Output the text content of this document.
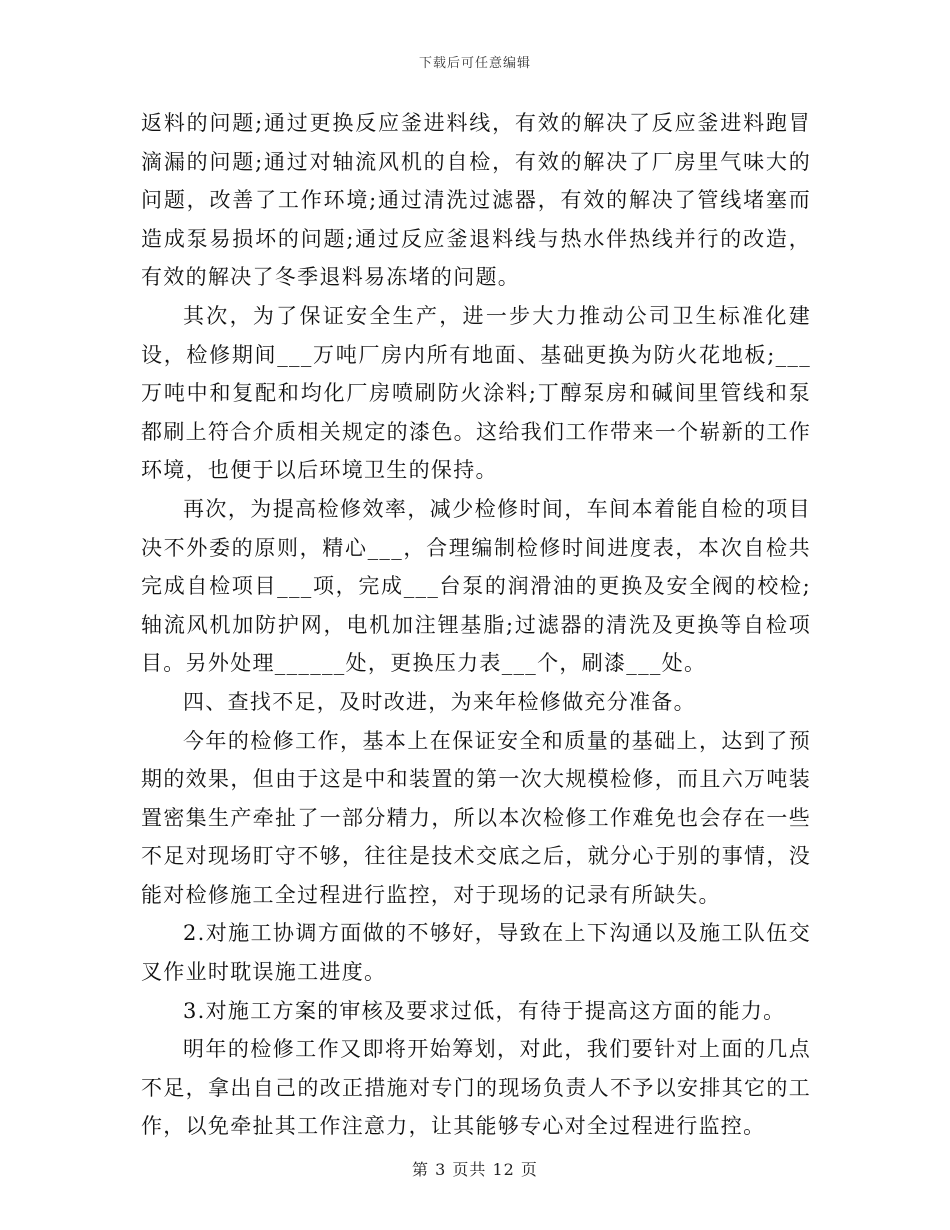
下载后可任意编辑

返料的问题;通过更换反应釜进料线，有效的解决了反应釜进料跑冒滴漏的问题;通过对轴流风机的自检，有效的解决了厂房里气味大的问题，改善了工作环境;通过清洗过滤器，有效的解决了管线堵塞而造成泵易损坏的问题;通过反应釜退料线与热水伴热线并行的改造，有效的解决了冬季退料易冻堵的问题。

其次，为了保证安全生产，进一步大力推动公司卫生标准化建设，检修期间___万吨厂房内所有地面、基础更换为防火花地板;___万吨中和复配和均化厂房喷刷防火涂料;丁醇泵房和碱间里管线和泵都刷上符合介质相关规定的漆色。这给我们工作带来一个崭新的工作环境，也便于以后环境卫生的保持。

再次，为提高检修效率，减少检修时间，车间本着能自检的项目决不外委的原则，精心___，合理编制检修时间进度表，本次自检共完成自检项目___项，完成___台泵的润滑油的更换及安全阀的校检;轴流风机加防护网，电机加注锂基脂;过滤器的清洗及更换等自检项目。另外处理______处，更换压力表___个，刷漆___处。

四、查找不足，及时改进，为来年检修做充分准备。

今年的检修工作，基本上在保证安全和质量的基础上，达到了预期的效果，但由于这是中和装置的第一次大规模检修，而且六万吨装置密集生产牵扯了一部分精力，所以本次检修工作难免也会存在一些不足对现场盯守不够，往往是技术交底之后，就分心于别的事情，没能对检修施工全过程进行监控，对于现场的记录有所缺失。

2.对施工协调方面做的不够好，导致在上下沟通以及施工队伍交叉作业时耽误施工进度。

3.对施工方案的审核及要求过低，有待于提高这方面的能力。

明年的检修工作又即将开始筹划，对此，我们要针对上面的几点不足，拿出自己的改正措施对专门的现场负责人不予以安排其它的工作，以免牵扯其工作注意力，让其能够专心对全过程进行监控。

第 3 页共 12 页
